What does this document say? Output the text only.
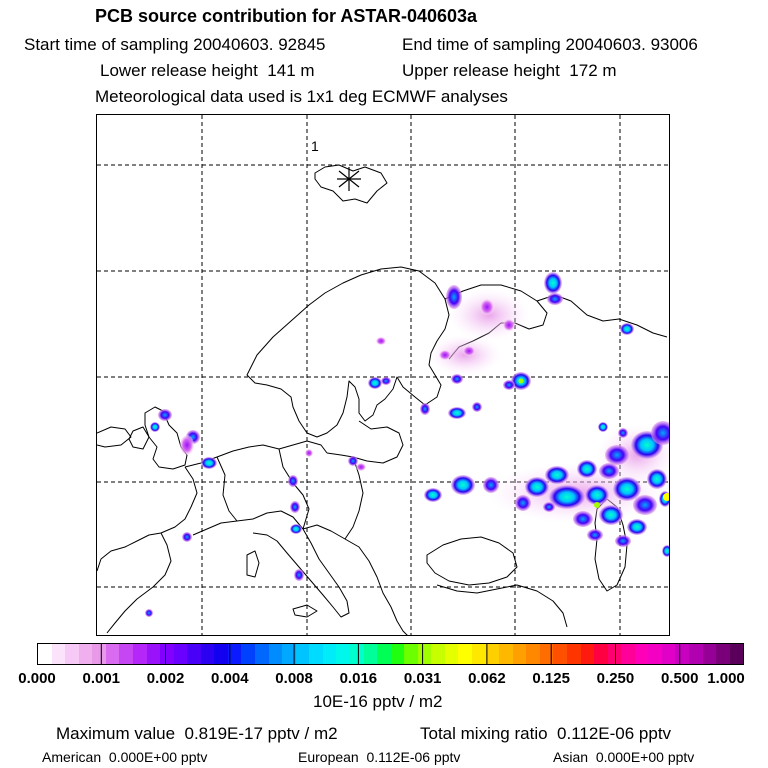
PCB source contribution for ASTAR-040603a
Start time of sampling 20040603. 92845	End time of sampling 20040603. 93006
Lower release height 141 m	Upper release height 172 m
Meteorological data used is 1x1 deg ECMWF analyses
1
0.000 0.001 0.002 0.004 0.008 0.016 0.031 0.062 0.125 0.250 0.500 1.000
10E-16 pptv / m2
Maximum value 0.819E-17 pptv / m2	Total mixing ratio 0.112E-06 pptv
American 0.000E+00 pptv	European 0.112E-06 pptv	Asian 0.000E+00 pptv
